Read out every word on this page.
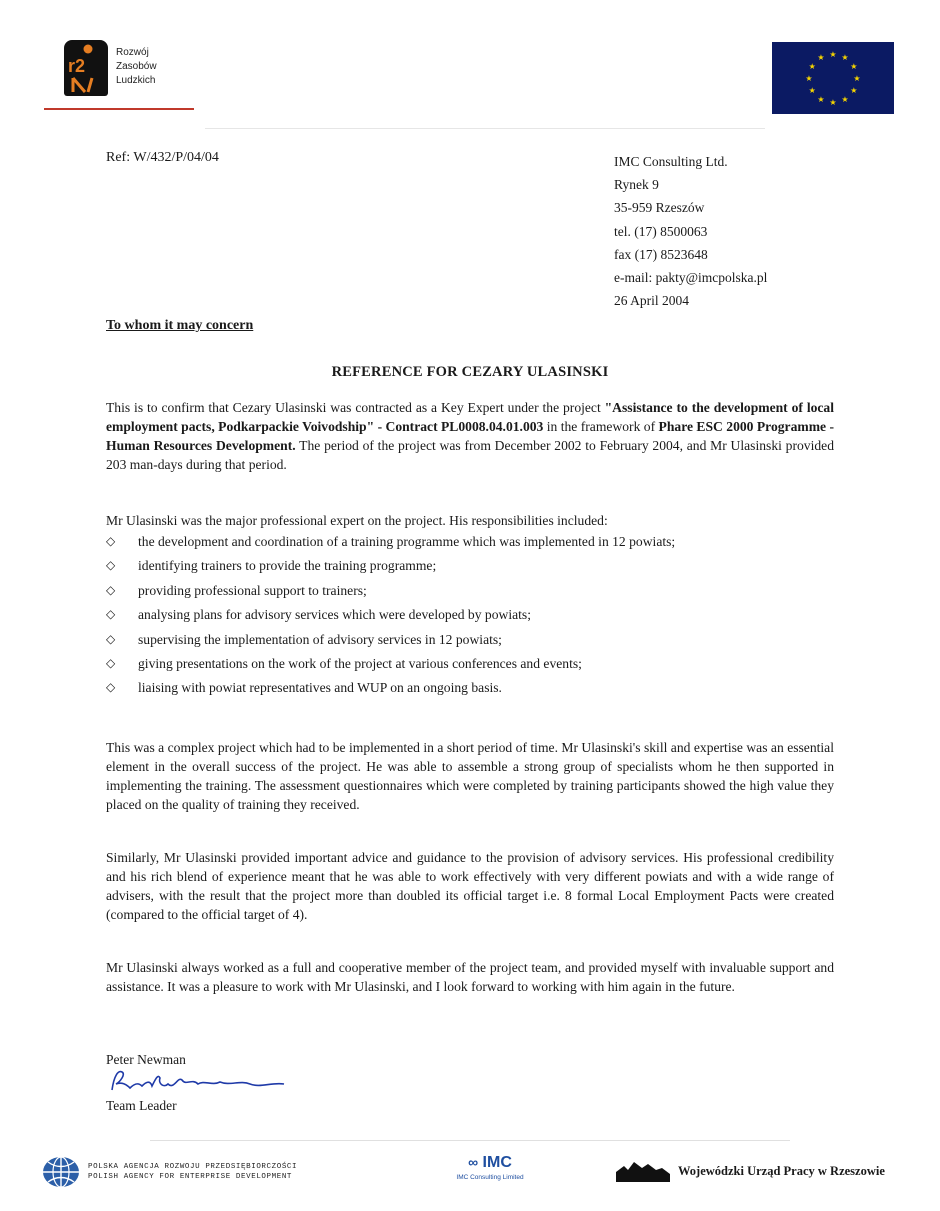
r2
Rozwój
Zasobów
Ludzkich
★ ★
★
★
★
★
★
★
★
★
★
★
Ref: W/432/P/04/04	IMC Consulting Ltd.
Rynek 9
35-959 Rzeszów
tel. (17) 8500063
fax (17) 8523648
e-mail: pakty@imcpolska.pl
26 April 2004
To whom it may concern
REFERENCE FOR CEZARY ULASINSKI
This is to confirm that Cezary Ulasinski was contracted as a Key Expert under the project "Assistance to the development of local employment pacts, Podkarpackie Voivodship" - Contract PL0008.04.01.003 in the framework of Phare ESC 2000 Programme - Human Resources Development. The period of the project was from December 2002 to February 2004, and Mr Ulasinski provided 203 man-days during that period.
Mr Ulasinski was the major professional expert on the project. His responsibilities included:
◇ the development and coordination of a training programme which was implemented in 12 powiats;
◇ identifying trainers to provide the training programme;
◇ providing professional support to trainers;
◇ analysing plans for advisory services which were developed by powiats;
◇ supervising the implementation of advisory services in 12 powiats;
◇ giving presentations on the work of the project at various conferences and events;
◇ liaising with powiat representatives and WUP on an ongoing basis.
This was a complex project which had to be implemented in a short period of time. Mr Ulasinski's skill and expertise was an essential element in the overall success of the project. He was able to assemble a strong group of specialists whom he then supported in implementing the training. The assessment questionnaires which were completed by training participants showed the high value they placed on the quality of training they received.
Similarly, Mr Ulasinski provided important advice and guidance to the provision of advisory services. His professional credibility and his rich blend of experience meant that he was able to work effectively with very different powiats and with a wide range of advisers, with the result that the project more than doubled its official target i.e. 8 formal Local Employment Pacts were created (compared to the official target of 4).
Mr Ulasinski always worked as a full and cooperative member of the project team, and provided myself with invaluable support and assistance. It was a pleasure to work with Mr Ulasinski, and I look forward to working with him again in the future.
Peter Newman
Team Leader
POLSKA AGENCJA ROZWOJU PRZEDSIĘBIORCZOŚCI
POLISH AGENCY FOR ENTERPRISE DEVELOPMENT
∞ IMC
IMC Consulting Limited	Wojewódzki Urząd Pracy w Rzeszowie
